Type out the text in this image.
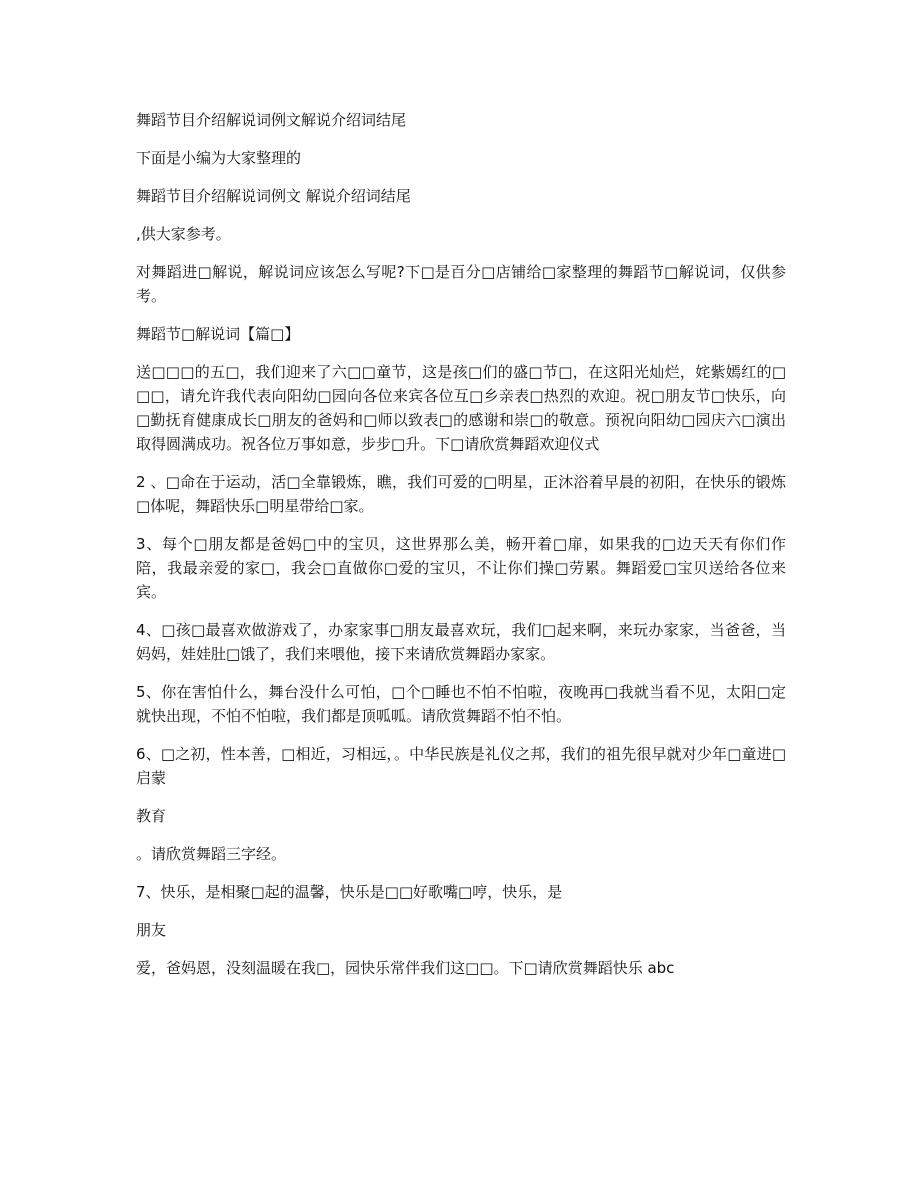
舞蹈节目介绍解说词例文解说介绍词结尾

下面是小编为大家整理的

舞蹈节目介绍解说词例文 解说介绍词结尾

,供大家参考。

对舞蹈进□解说，解说词应该怎么写呢?下□是百分□店铺给□家整理的舞蹈节□解说词，仅供参考。

舞蹈节□解说词【篇□】

送□□□的五□，我们迎来了六□□童节，这是孩□们的盛□节□，在这阳光灿烂，姹紫嫣红的□□□，请允许我代表向阳幼□园向各位来宾各位互□乡亲表□热烈的欢迎。祝□朋友节□快乐，向□勤抚育健康成长□朋友的爸妈和□师以致表□的感谢和崇□的敬意。预祝向阳幼□园庆六□演出取得圆满成功。祝各位万事如意，步步□升。下□请欣赏舞蹈欢迎仪式

2 、□命在于运动，活□全靠锻炼，瞧，我们可爱的□明星，正沐浴着早晨的初阳，在快乐的锻炼□体呢，舞蹈快乐□明星带给□家。

3、每个□朋友都是爸妈□中的宝贝，这世界那么美，畅开着□扉，如果我的□边天天有你们作陪，我最亲爱的家□，我会□直做你□爱的宝贝，不让你们操□劳累。舞蹈爱□宝贝送给各位来宾。

4、□孩□最喜欢做游戏了，办家家事□朋友最喜欢玩，我们□起来啊，来玩办家家，当爸爸，当妈妈，娃娃肚□饿了，我们来喂他，接下来请欣赏舞蹈办家家。

5、你在害怕什么，舞台没什么可怕，□个□睡也不怕不怕啦，夜晚再□我就当看不见，太阳□定就快出现，不怕不怕啦，我们都是顶呱呱。请欣赏舞蹈不怕不怕。

6、□之初，性本善，□相近，习相远，。中华民族是礼仪之邦，我们的祖先很早就对少年□童进□启蒙

教育

。请欣赏舞蹈三字经。

7、快乐，是相聚□起的温馨，快乐是□□好歌嘴□哼，快乐，是

朋友

爱，爸妈恩，没刻温暖在我□，园快乐常伴我们这□□。下□请欣赏舞蹈快乐 abc
